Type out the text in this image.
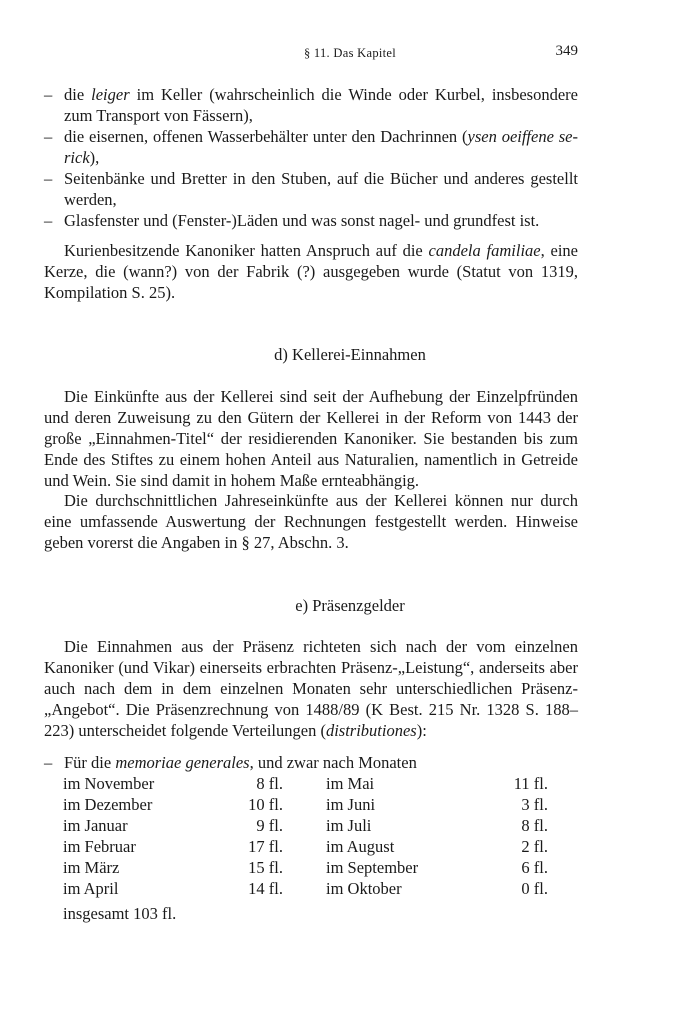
§ 11. Das Kapitel	349
– die leiger im Keller (wahrscheinlich die Winde oder Kurbel, insbesondere zum Transport von Fässern),
– die eisernen, offenen Wasserbehälter unter den Dachrinnen (ysen oeiffene se-rick),
– Seitenbänke und Bretter in den Stuben, auf die Bücher und anderes gestellt werden,
– Glasfenster und (Fenster-)Läden und was sonst nagel- und grundfest ist.
Kurienbesitzende Kanoniker hatten Anspruch auf die candela familiae, eine Kerze, die (wann?) von der Fabrik (?) ausgegeben wurde (Statut von 1319, Kompilation S. 25).
d) Kellerei-Einnahmen
Die Einkünfte aus der Kellerei sind seit der Aufhebung der Einzelpfründen und deren Zuweisung zu den Gütern der Kellerei in der Reform von 1443 der große „Einnahmen-Titel“ der residierenden Kanoniker. Sie bestanden bis zum Ende des Stiftes zu einem hohen Anteil aus Naturalien, namentlich in Getreide und Wein. Sie sind damit in hohem Maße ernteabhängig.
Die durchschnittlichen Jahreseinkünfte aus der Kellerei können nur durch eine umfassende Auswertung der Rechnungen festgestellt werden. Hinweise geben vorerst die Angaben in § 27, Abschn. 3.
e) Präsenzgelder
Die Einnahmen aus der Präsenz richteten sich nach der vom einzelnen Kanoniker (und Vikar) einerseits erbrachten Präsenz-„Leistung“, anderseits aber auch nach dem in dem einzelnen Monaten sehr unterschiedlichen Präsenz-„Angebot“. Die Präsenzrechnung von 1488/89 (K Best. 215 Nr. 1328 S. 188–223) unterscheidet folgende Verteilungen (distributiones):
– Für die memoriae generales, und zwar nach Monaten
im November	8 fl.	im Mai	11 fl.
im Dezember	10 fl.	im Juni	3 fl.
im Januar	9 fl.	im Juli	8 fl.
im Februar	17 fl.	im August	2 fl.
im März	15 fl.	im September	6 fl.
im April	14 fl.	im Oktober	0 fl.
insgesamt 103 fl.
